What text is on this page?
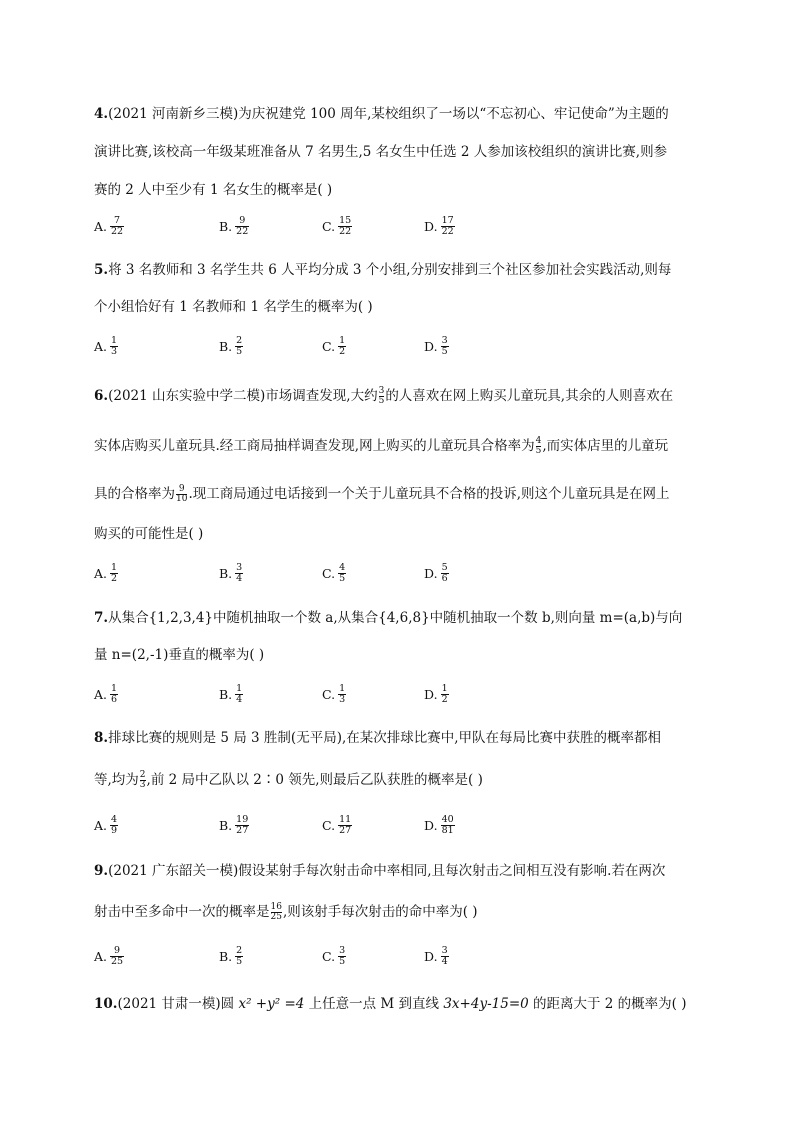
4.(2021 河南新乡三模)为庆祝建党 100 周年,某校组织了一场以“不忘初心、牢记使命”为主题的
演讲比赛,该校高一年级某班准备从 7 名男生,5 名女生中任选 2 人参加该校组织的演讲比赛,则参
赛的 2 人中至少有 1 名女生的概率是( )
A. $\frac{7}{22}$	B. $\frac{9}{22}$	C. $\frac{15}{22}$	D. $\frac{17}{22}$
5.将 3 名教师和 3 名学生共 6 人平均分成 3 个小组,分别安排到三个社区参加社会实践活动,则每
个小组恰好有 1 名教师和 1 名学生的概率为( )
A. $\frac{1}{3}$	B. $\frac{2}{5}$	C. $\frac{1}{2}$	D. $\frac{3}{5}$
6.(2021 山东实验中学二模)市场调查发现,大约 $\frac{3}{5}$ 的人喜欢在网上购买儿童玩具,其余的人则喜欢在
实体店购买儿童玩具.经工商局抽样调查发现,网上购买的儿童玩具合格率为 $\frac{4}{5}$ ,而实体店里的儿童玩
具的合格率为 $\frac{9}{10}$ .现工商局通过电话接到一个关于儿童玩具不合格的投诉,则这个儿童玩具是在网上
购买的可能性是( )
A. $\frac{1}{2}$	B. $\frac{3}{4}$	C. $\frac{4}{5}$	D. $\frac{5}{6}$
7.从集合{1,2,3,4}中随机抽取一个数 a,从集合{4,6,8}中随机抽取一个数 b,则向量 m=(a,b)与向
量 n=(2,-1)垂直的概率为( )
A. $\frac{1}{6}$	B. $\frac{1}{4}$	C. $\frac{1}{3}$	D. $\frac{1}{2}$
8.排球比赛的规则是 5 局 3 胜制(无平局),在某次排球比赛中,甲队在每局比赛中获胜的概率都相
等,均为 $\frac{2}{3}$ ,前 2 局中乙队以 2∶0 领先,则最后乙队获胜的概率是( )
A. $\frac{4}{9}$	B. $\frac{19}{27}$	C. $\frac{11}{27}$	D. $\frac{40}{81}$
9.(2021 广东韶关一模)假设某射手每次射击命中率相同,且每次射击之间相互没有影响.若在两次
射击中至多命中一次的概率是 $\frac{16}{25}$ ,则该射手每次射击的命中率为( )
A. $\frac{9}{25}$	B. $\frac{2}{5}$	C. $\frac{3}{5}$	D. $\frac{3}{4}$
10.(2021 甘肃一模)圆 x² +y² =4 上任意一点 M 到直线 3x+4y-15=0 的距离大于 2 的概率为( )
